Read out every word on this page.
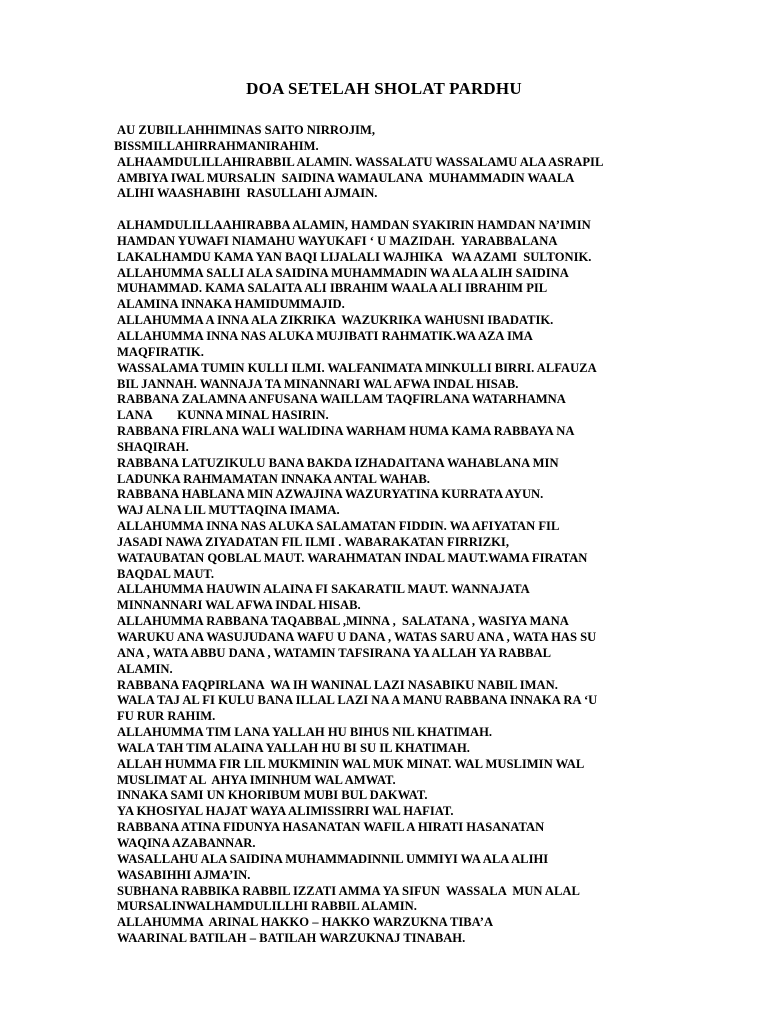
DOA SETELAH SHOLAT PARDHU
AU ZUBILLAHHIMINAS SAITO NIRROJIM,
BISSMILLAHIRRAHMANIRAHIM.
ALHAAMDULILLAHIRABBIL ALAMIN. WASSALATU WASSALAMU ALA ASRAPIL
AMBIYA IWAL MURSALIN  SAIDINA WAMAULANA  MUHAMMADIN WAALA
ALIHI WAASHABIHI  RASULLAHI AJMAIN.
ALHAMDULILLAAHIRABBA ALAMIN, HAMDAN SYAKIRIN HAMDAN NA’IMIN
HAMDAN YUWAFI NIAMAHU WAYUKAFI ‘ U MAZIDAH.  YARABBALANA
LAKALHAMDU KAMA YAN BAQI LIJALALI WAJHIKA   WA AZAMI  SULTONIK.
ALLAHUMMA SALLI ALA SAIDINA MUHAMMADIN WA ALA ALIH SAIDINA
MUHAMMAD. KAMA SALAITA ALI IBRAHIM WAALA ALI IBRAHIM PIL
ALAMINA INNAKA HAMIDUMMAJID.
ALLAHUMMA A INNA ALA ZIKRIKA  WAZUKRIKA WAHUSNI IBADATIK.
ALLAHUMMA INNA NAS ALUKA MUJIBATI RAHMATIK.WA AZA IMA
MAQFIRATIK.
WASSALAMA TUMIN KULLI ILMI. WALFANIMATA MINKULLI BIRRI. ALFAUZA
BIL JANNAH. WANNAJA TA MINANNARI WAL AFWA INDAL HISAB.
RABBANA ZALAMNA ANFUSANA WAILLAM TAQFIRLANA WATARHAMNA
LANA        KUNNA MINAL HASIRIN.
RABBANA FIRLANA WALI WALIDINA WARHAM HUMA KAMA RABBAYA NA
SHAQIRAH.
RABBANA LATUZIKULU BANA BAKDA IZHADAITANA WAHABLANA MIN
LADUNKA RAHMAMATAN INNAKA ANTAL WAHAB.
RABBANA HABLANA MIN AZWAJINA WAZURYATINA KURRATA AYUN.
WAJ ALNA LIL MUTTAQINA IMAMA.
ALLAHUMMA INNA NAS ALUKA SALAMATAN FIDDIN. WA AFIYATAN FIL
JASADI NAWA ZIYADATAN FIL ILMI . WABARAKATAN FIRRIZKI,
WATAUBATAN QOBLAL MAUT. WARAHMATAN INDAL MAUT.WAMA FIRATAN
BAQDAL MAUT.
ALLAHUMMA HAUWIN ALAINA FI SAKARATIL MAUT. WANNAJATA
MINNANNARI WAL AFWA INDAL HISAB.
ALLAHUMMA RABBANA TAQABBAL ,MINNA ,  SALATANA , WASIYA MANA
WARUKU ANA WASUJUDANA WAFU U DANA , WATAS SARU ANA , WATA HAS SU
ANA , WATA ABBU DANA , WATAMIN TAFSIRANA YA ALLAH YA RABBAL
ALAMIN.
RABBANA FAQPIRLANA  WA IH WANINAL LAZI NASABIKU NABIL IMAN.
WALA TAJ AL FI KULU BANA ILLAL LAZI NA A MANU RABBANA INNAKA RA ‘U
FU RUR RAHIM.
ALLAHUMMA TIM LANA YALLAH HU BIHUS NIL KHATIMAH.
WALA TAH TIM ALAINA YALLAH HU BI SU IL KHATIMAH.
ALLAH HUMMA FIR LIL MUKMININ WAL MUK MINAT. WAL MUSLIMIN WAL
MUSLIMAT AL  AHYA IMINHUM WAL AMWAT.
INNAKA SAMI UN KHORIBUM MUBI BUL DAKWAT.
YA KHOSIYAL HAJAT WAYA ALIMISSIRRI WAL HAFIAT.
RABBANA ATINA FIDUNYA HASANATAN WAFIL A HIRATI HASANATAN
WAQINA AZABANNAR.
WASALLAHU ALA SAIDINA MUHAMMADINNIL UMMIYI WA ALA ALIHI
WASABIHHI AJMA’IN.
SUBHANA RABBIKA RABBIL IZZATI AMMA YA SIFUN  WASSALA  MUN ALAL
MURSALINWALHAMDULILLHI RABBIL ALAMIN.
ALLAHUMMA  ARINAL HAKKO – HAKKO WARZUKNA TIBA’A
WAARINAL BATILAH – BATILAH WARZUKNAJ TINABAH.
